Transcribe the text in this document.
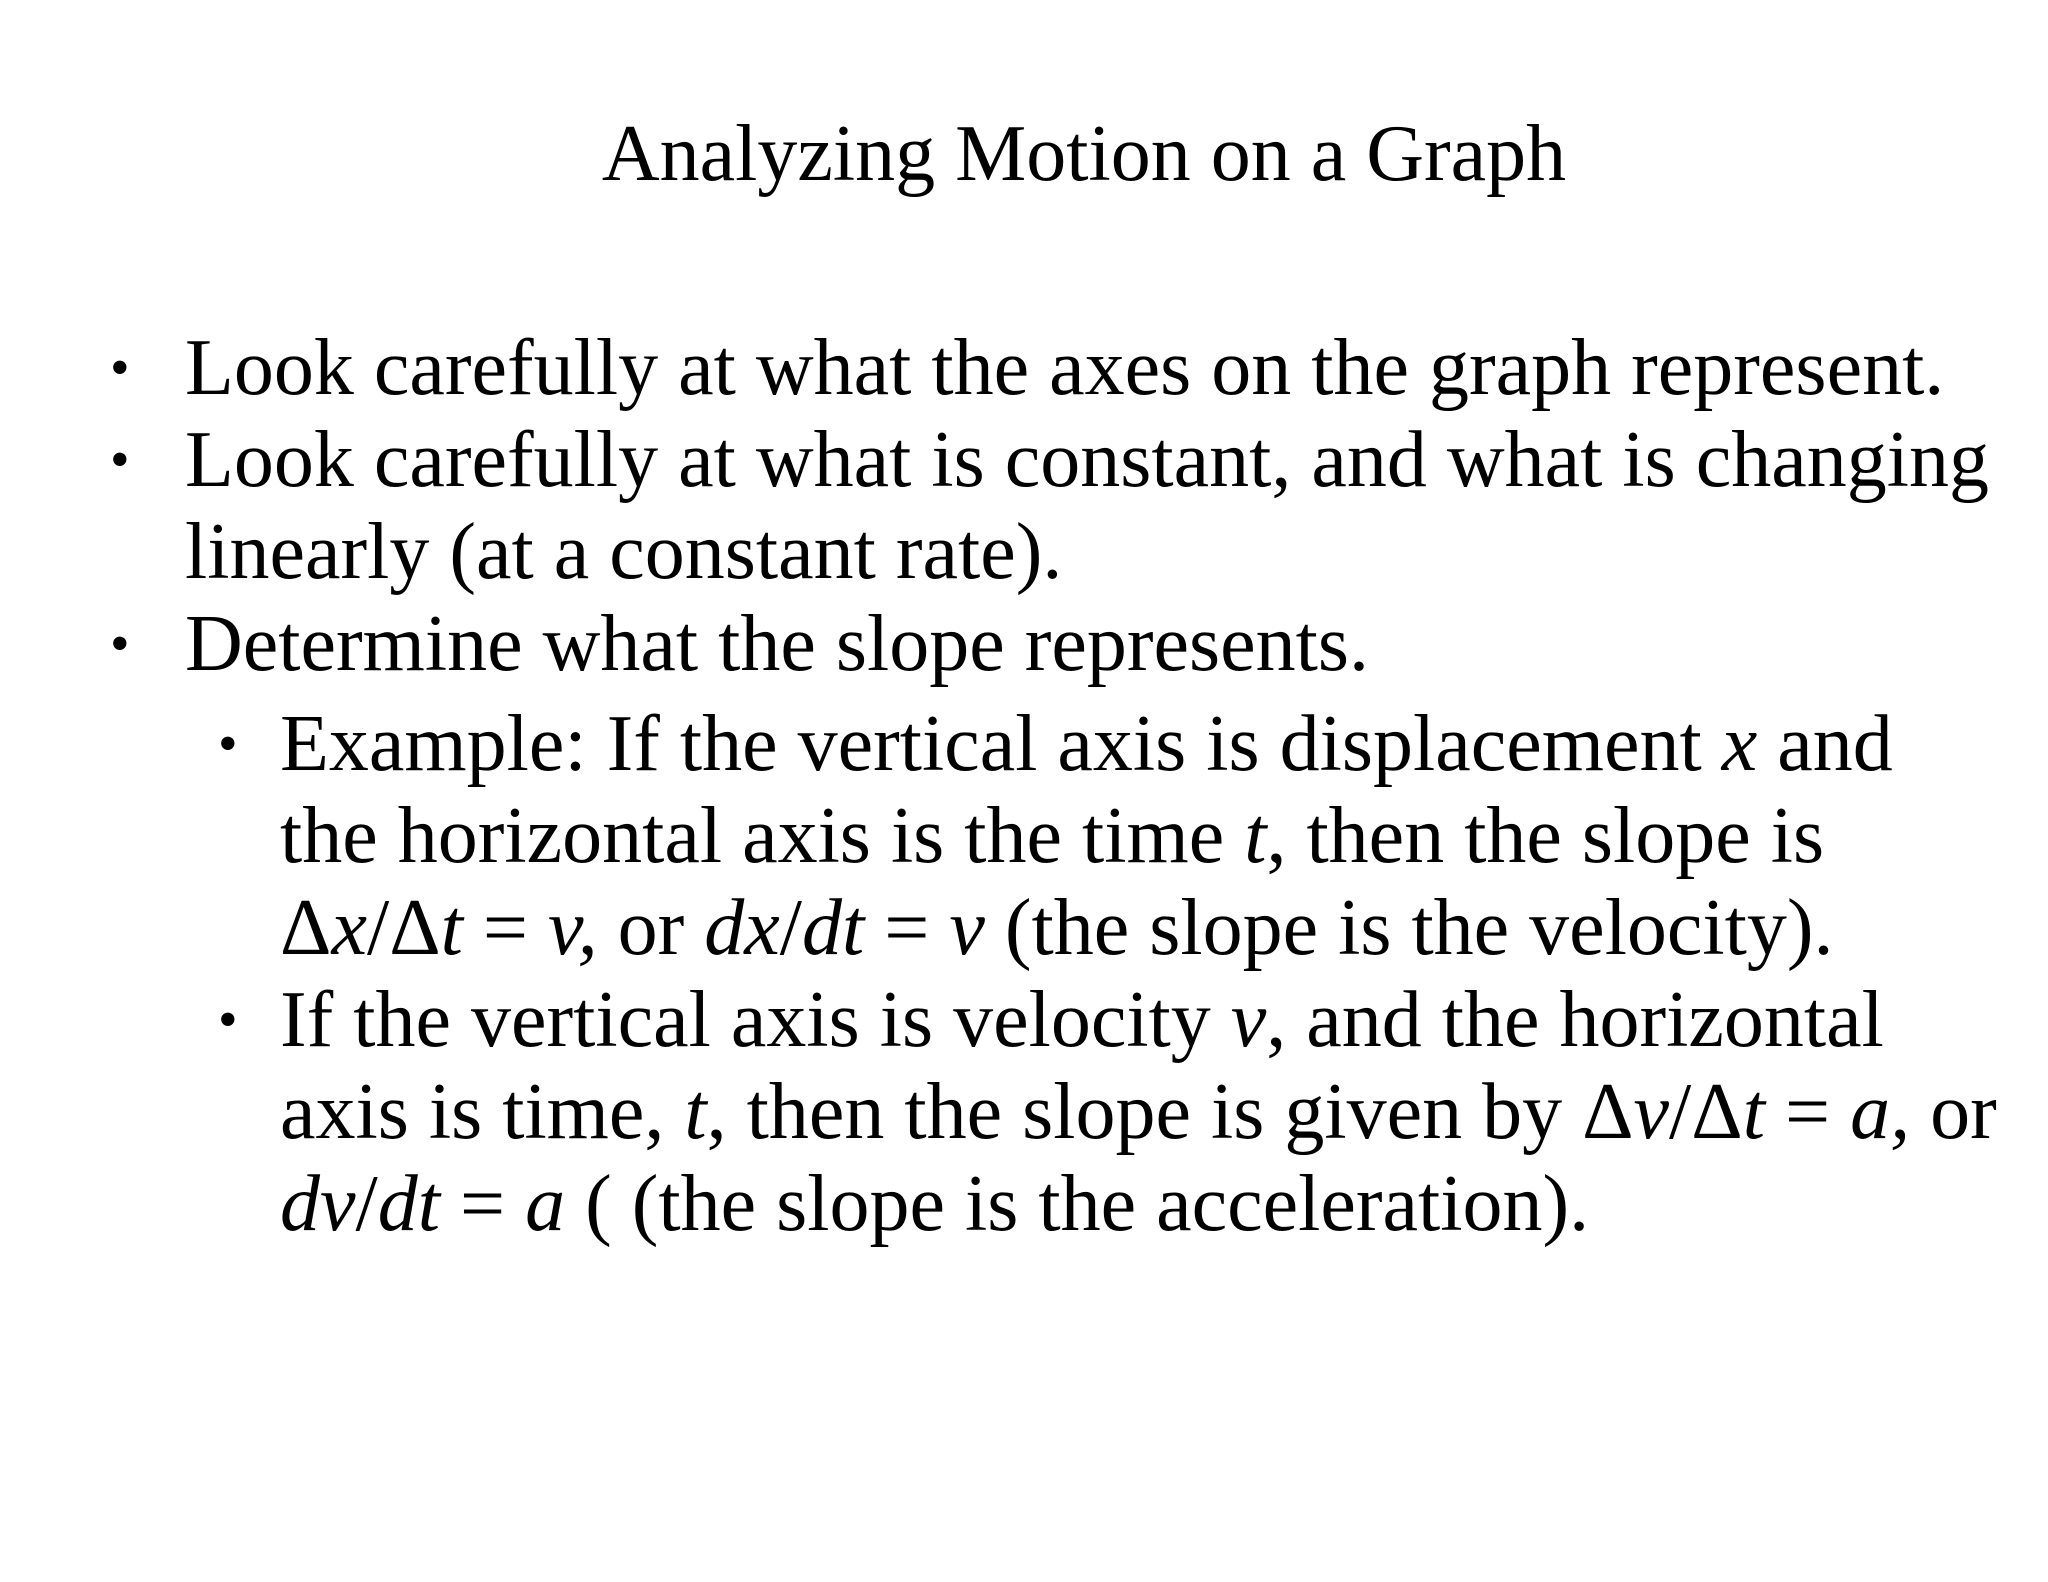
Analyzing Motion on a Graph
• Look carefully at what the axes on the graph represent.
• Look carefully at what is constant, and what is changing
linearly (at a constant rate).
• Determine what the slope represents.
• Example: If the vertical axis is displacement x and
the horizontal axis is the time t, then the slope is
Δx/Δt = v, or dx/dt = v (the slope is the velocity).
• If the vertical axis is velocity v, and the horizontal
axis is time, t, then the slope is given by Δv/Δt = a, or
dv/dt = a ( (the slope is the acceleration).
